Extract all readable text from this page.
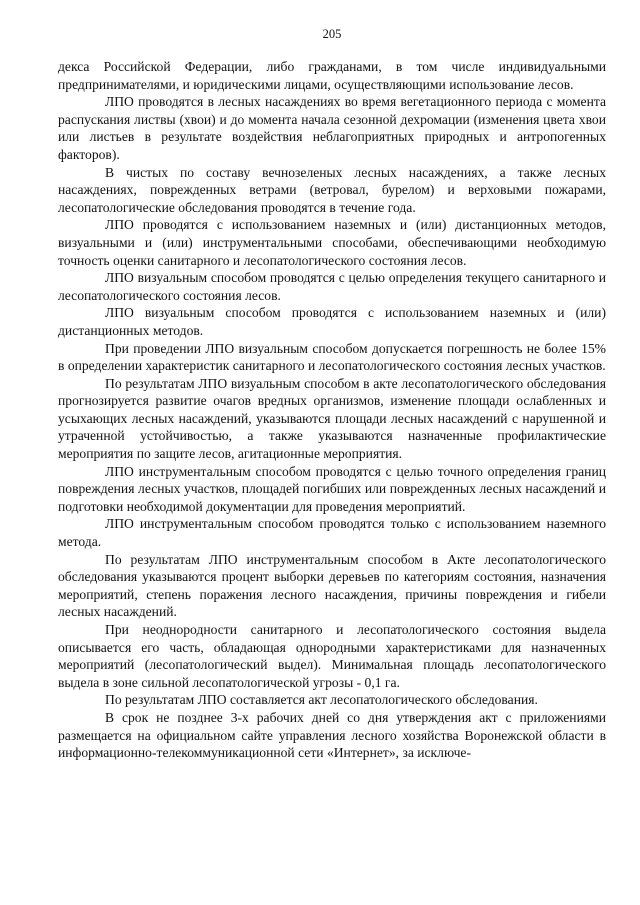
205

декса Российской Федерации, либо гражданами, в том числе индивидуальными предпринимателями, и юридическими лицами, осуществляющими использование лесов.

ЛПО проводятся в лесных насаждениях во время вегетационного периода с момента распускания листвы (хвои) и до момента начала сезонной дехромации (изменения цвета хвои или листьев в результате воздействия неблагоприятных природных и антропогенных факторов).

В чистых по составу вечнозеленых лесных насаждениях, а также лесных насаждениях, поврежденных ветрами (ветровал, бурелом) и верховыми пожарами, лесопатологические обследования проводятся в течение года.

ЛПО проводятся с использованием наземных и (или) дистанционных методов, визуальными и (или) инструментальными способами, обеспечивающими необходимую точность оценки санитарного и лесопатологического состояния лесов.

ЛПО визуальным способом проводятся с целью определения текущего санитарного и лесопатологического состояния лесов.

ЛПО визуальным способом проводятся с использованием наземных и (или) дистанционных методов.

При проведении ЛПО визуальным способом допускается погрешность не более 15% в определении характеристик санитарного и лесопатологического состояния лесных участков.

По результатам ЛПО визуальным способом в акте лесопатологического обследования прогнозируется развитие очагов вредных организмов, изменение площади ослабленных и усыхающих лесных насаждений, указываются площади лесных насаждений с нарушенной и утраченной устойчивостью, а также указываются назначенные профилактические мероприятия по защите лесов, агитационные мероприятия.

ЛПО инструментальным способом проводятся с целью точного определения границ повреждения лесных участков, площадей погибших или поврежденных лесных насаждений и подготовки необходимой документации для проведения мероприятий.

ЛПО инструментальным способом проводятся только с использованием наземного метода.

По результатам ЛПО инструментальным способом в Акте лесопатологического обследования указываются процент выборки деревьев по категориям состояния, назначения мероприятий, степень поражения лесного насаждения, причины повреждения и гибели лесных насаждений.

При неоднородности санитарного и лесопатологического состояния выдела описывается его часть, обладающая однородными характеристиками для назначенных мероприятий (лесопатологический выдел). Минимальная площадь лесопатологического выдела в зоне сильной лесопатологической угрозы - 0,1 га.

По результатам ЛПО составляется акт лесопатологического обследования.

В срок не позднее 3-х рабочих дней со дня утверждения акт с приложениями размещается на официальном сайте управления лесного хозяйства Воронежской области в информационно-телекоммуникационной сети «Интернет», за исключе-
